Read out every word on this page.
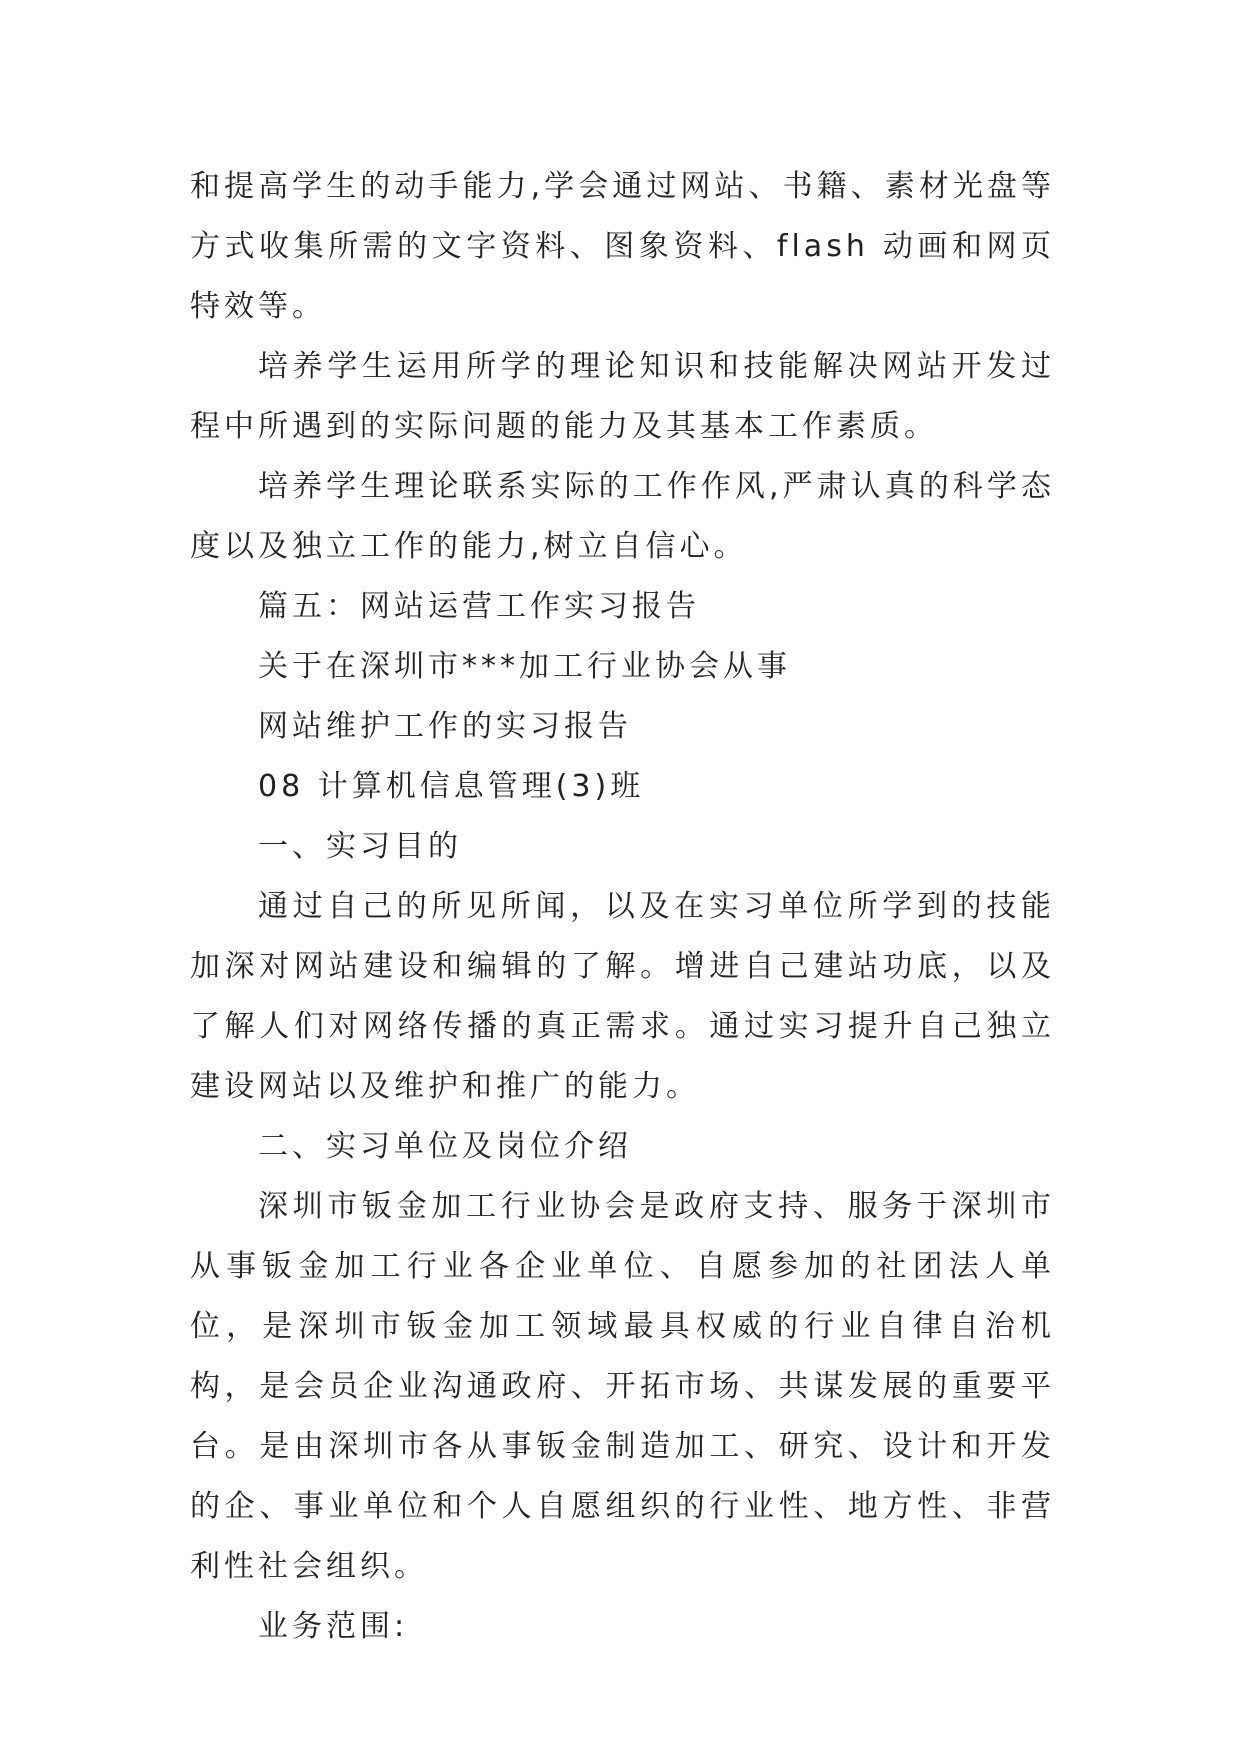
和提高学生的动手能力,学会通过网站、书籍、素材光盘等方式收集所需的文字资料、图象资料、flash 动画和网页特效等。

培养学生运用所学的理论知识和技能解决网站开发过程中所遇到的实际问题的能力及其基本工作素质。

培养学生理论联系实际的工作作风,严肃认真的科学态度以及独立工作的能力,树立自信心。

篇五：网站运营工作实习报告

关于在深圳市***加工行业协会从事

网站维护工作的实习报告

08 计算机信息管理(3)班

一、实习目的

通过自己的所见所闻，以及在实习单位所学到的技能加深对网站建设和编辑的了解。增进自己建站功底，以及了解人们对网络传播的真正需求。通过实习提升自己独立建设网站以及维护和推广的能力。

二、实习单位及岗位介绍

深圳市钣金加工行业协会是政府支持、服务于深圳市从事钣金加工行业各企业单位、自愿参加的社团法人单位，是深圳市钣金加工领域最具权威的行业自律自治机构，是会员企业沟通政府、开拓市场、共谋发展的重要平台。是由深圳市各从事钣金制造加工、研究、设计和开发的企、事业单位和个人自愿组织的行业性、地方性、非营利性社会组织。

业务范围:
